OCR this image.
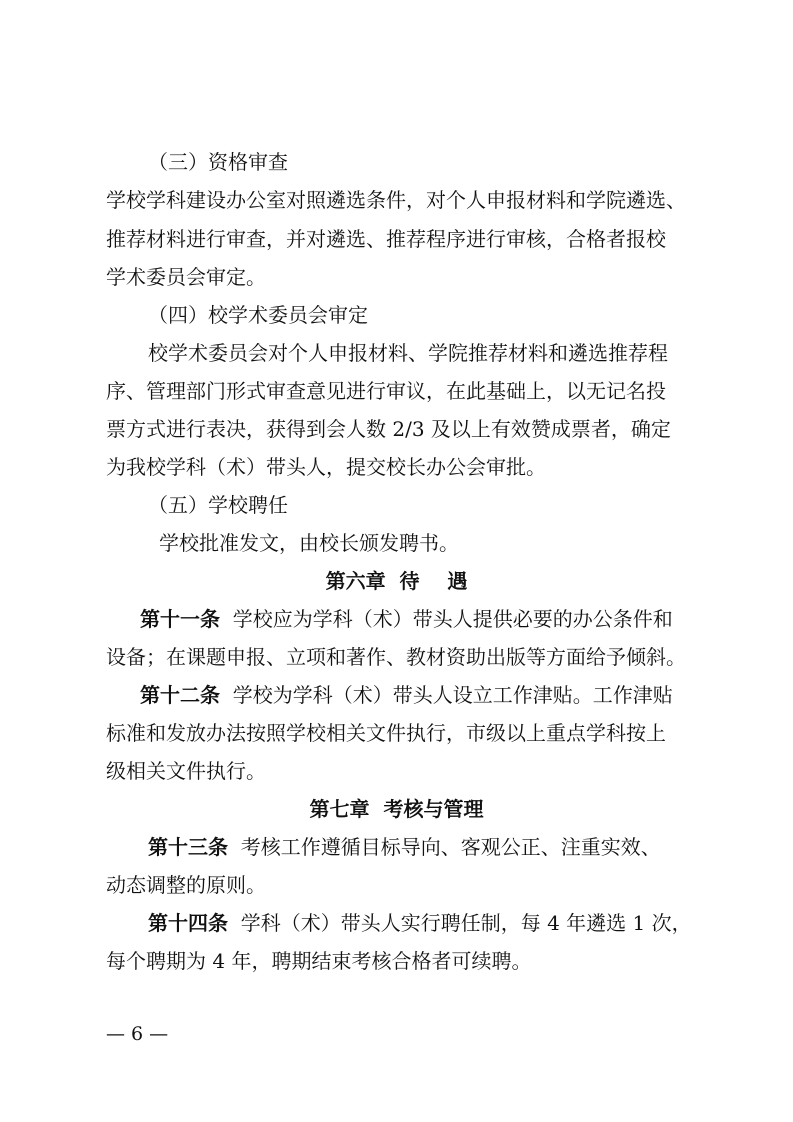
（三）资格审查
学校学科建设办公室对照遴选条件，对个人申报材料和学院遴选、
推荐材料进行审查，并对遴选、推荐程序进行审核，合格者报校
学术委员会审定。
（四）校学术委员会审定
校学术委员会对个人申报材料、学院推荐材料和遴选推荐程
序、管理部门形式审查意见进行审议，在此基础上，以无记名投
票方式进行表决，获得到会人数 2/3 及以上有效赞成票者，确定
为我校学科（术）带头人，提交校长办公会审批。
（五）学校聘任
学校批准发文，由校长颁发聘书。
第六章  待    遇
第十一条 学校应为学科（术）带头人提供必要的办公条件和
设备；在课题申报、立项和著作、教材资助出版等方面给予倾斜。
第十二条 学校为学科（术）带头人设立工作津贴。工作津贴
标准和发放办法按照学校相关文件执行，市级以上重点学科按上
级相关文件执行。
第七章  考核与管理
第十三条 考核工作遵循目标导向、客观公正、注重实效、
动态调整的原则。
第十四条 学科（术）带头人实行聘任制，每 4 年遴选 1 次，
每个聘期为 4 年，聘期结束考核合格者可续聘。
— 6 —
